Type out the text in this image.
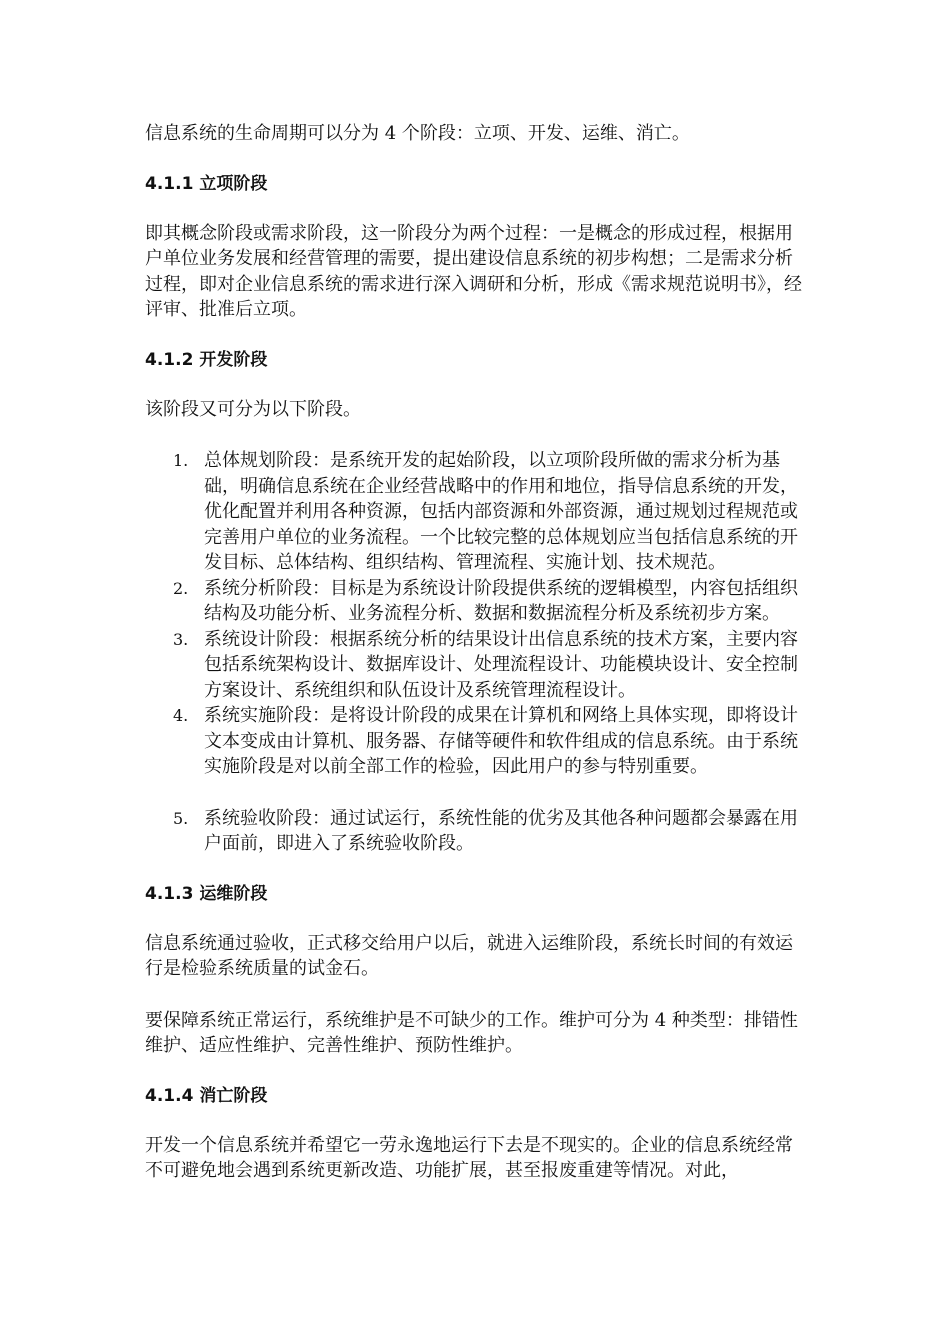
信息系统的生命周期可以分为 4 个阶段：立项、开发、运维、消亡。

4.1.1 立项阶段

即其概念阶段或需求阶段，这一阶段分为两个过程：一是概念的形成过程，根据用户单位业务发展和经营管理的需要，提出建设信息系统的初步构想；二是需求分析过程，即对企业信息系统的需求进行深入调研和分析，形成《需求规范说明书》，经评审、批准后立项。

4.1.2 开发阶段

该阶段又可分为以下阶段。

1. 总体规划阶段：是系统开发的起始阶段，以立项阶段所做的需求分析为基础，明确信息系统在企业经营战略中的作用和地位，指导信息系统的开发，优化配置并利用各种资源，包括内部资源和外部资源，通过规划过程规范或完善用户单位的业务流程。一个比较完整的总体规划应当包括信息系统的开发目标、总体结构、组织结构、管理流程、实施计划、技术规范。
2. 系统分析阶段：目标是为系统设计阶段提供系统的逻辑模型，内容包括组织结构及功能分析、业务流程分析、数据和数据流程分析及系统初步方案。
3. 系统设计阶段：根据系统分析的结果设计出信息系统的技术方案，主要内容包括系统架构设计、数据库设计、处理流程设计、功能模块设计、安全控制方案设计、系统组织和队伍设计及系统管理流程设计。
4. 系统实施阶段：是将设计阶段的成果在计算机和网络上具体实现，即将设计文本变成由计算机、服务器、存储等硬件和软件组成的信息系统。由于系统实施阶段是对以前全部工作的检验，因此用户的参与特别重要。
5. 系统验收阶段：通过试运行，系统性能的优劣及其他各种问题都会暴露在用户面前，即进入了系统验收阶段。
4.1.3 运维阶段

信息系统通过验收，正式移交给用户以后，就进入运维阶段，系统长时间的有效运行是检验系统质量的试金石。

要保障系统正常运行，系统维护是不可缺少的工作。维护可分为 4 种类型：排错性维护、适应性维护、完善性维护、预防性维护。

4.1.4 消亡阶段

开发一个信息系统并希望它一劳永逸地运行下去是不现实的。企业的信息系统经常不可避免地会遇到系统更新改造、功能扩展，甚至报废重建等情况。对此，
